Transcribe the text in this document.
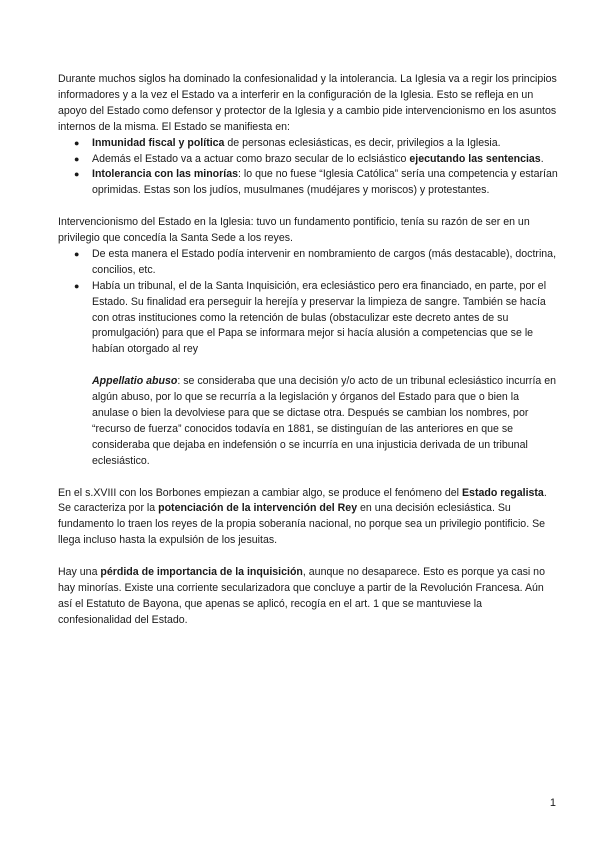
Durante muchos siglos ha dominado la confesionalidad y la intolerancia. La Iglesia va a regir los principios informadores y a la vez el Estado va a interferir en la configuración de la Iglesia. Esto se refleja en un apoyo del Estado como defensor y protector de la Iglesia y a cambio pide intervencionismo en los asuntos internos de la misma. El Estado se manifiesta en:

● Inmunidad fiscal y política de personas eclesiásticas, es decir, privilegios a la Iglesia.
● Además el Estado va a actuar como brazo secular de lo eclsiástico ejecutando las sentencias.
● Intolerancia con las minorías: lo que no fuese “Iglesia Católica” sería una competencia y estarían oprimidas. Estas son los judíos, musulmanes (mudéjares y moriscos) y protestantes.

Intervencionismo del Estado en la Iglesia: tuvo un fundamento pontificio, tenía su razón de ser en un privilegio que concedía la Santa Sede a los reyes.

● De esta manera el Estado podía intervenir en nombramiento de cargos (más destacable), doctrina, concilios, etc.
● Había un tribunal, el de la Santa Inquisición, era eclesiástico pero era financiado, en parte, por el Estado. Su finalidad era perseguir la herejía y preservar la limpieza de sangre. También se hacía con otras instituciones como la retención de bulas (obstaculizar este decreto antes de su promulgación) para que el Papa se informara mejor si hacía alusión a competencias que se le habían otorgado al rey

Appellatio abuso: se consideraba que una decisión y/o acto de un tribunal eclesiástico incurría en algún abuso, por lo que se recurría a la legislación y órganos del Estado para que o bien la anulase o bien la devolviese para que se dictase otra. Después se cambian los nombres, por “recurso de fuerza” conocidos todavía en 1881, se distinguían de las anteriores en que se consideraba que dejaba en indefensión o se incurría en una injusticia derivada de un tribunal eclesiástico.

En el s.XVIII con los Borbones empiezan a cambiar algo, se produce el fenómeno del Estado regalista. Se caracteriza por la potenciación de la intervención del Rey en una decisión eclesiástica. Su fundamento lo traen los reyes de la propia soberanía nacional, no porque sea un privilegio pontificio. Se llega incluso hasta la expulsión de los jesuitas.

Hay una pérdida de importancia de la inquisición, aunque no desaparece. Esto es porque ya casi no hay minorías. Existe una corriente secularizadora que concluye a partir de la Revolución Francesa. Aún así el Estatuto de Bayona, que apenas se aplicó, recogía en el art. 1 que se mantuviese la confesionalidad del Estado.

1
